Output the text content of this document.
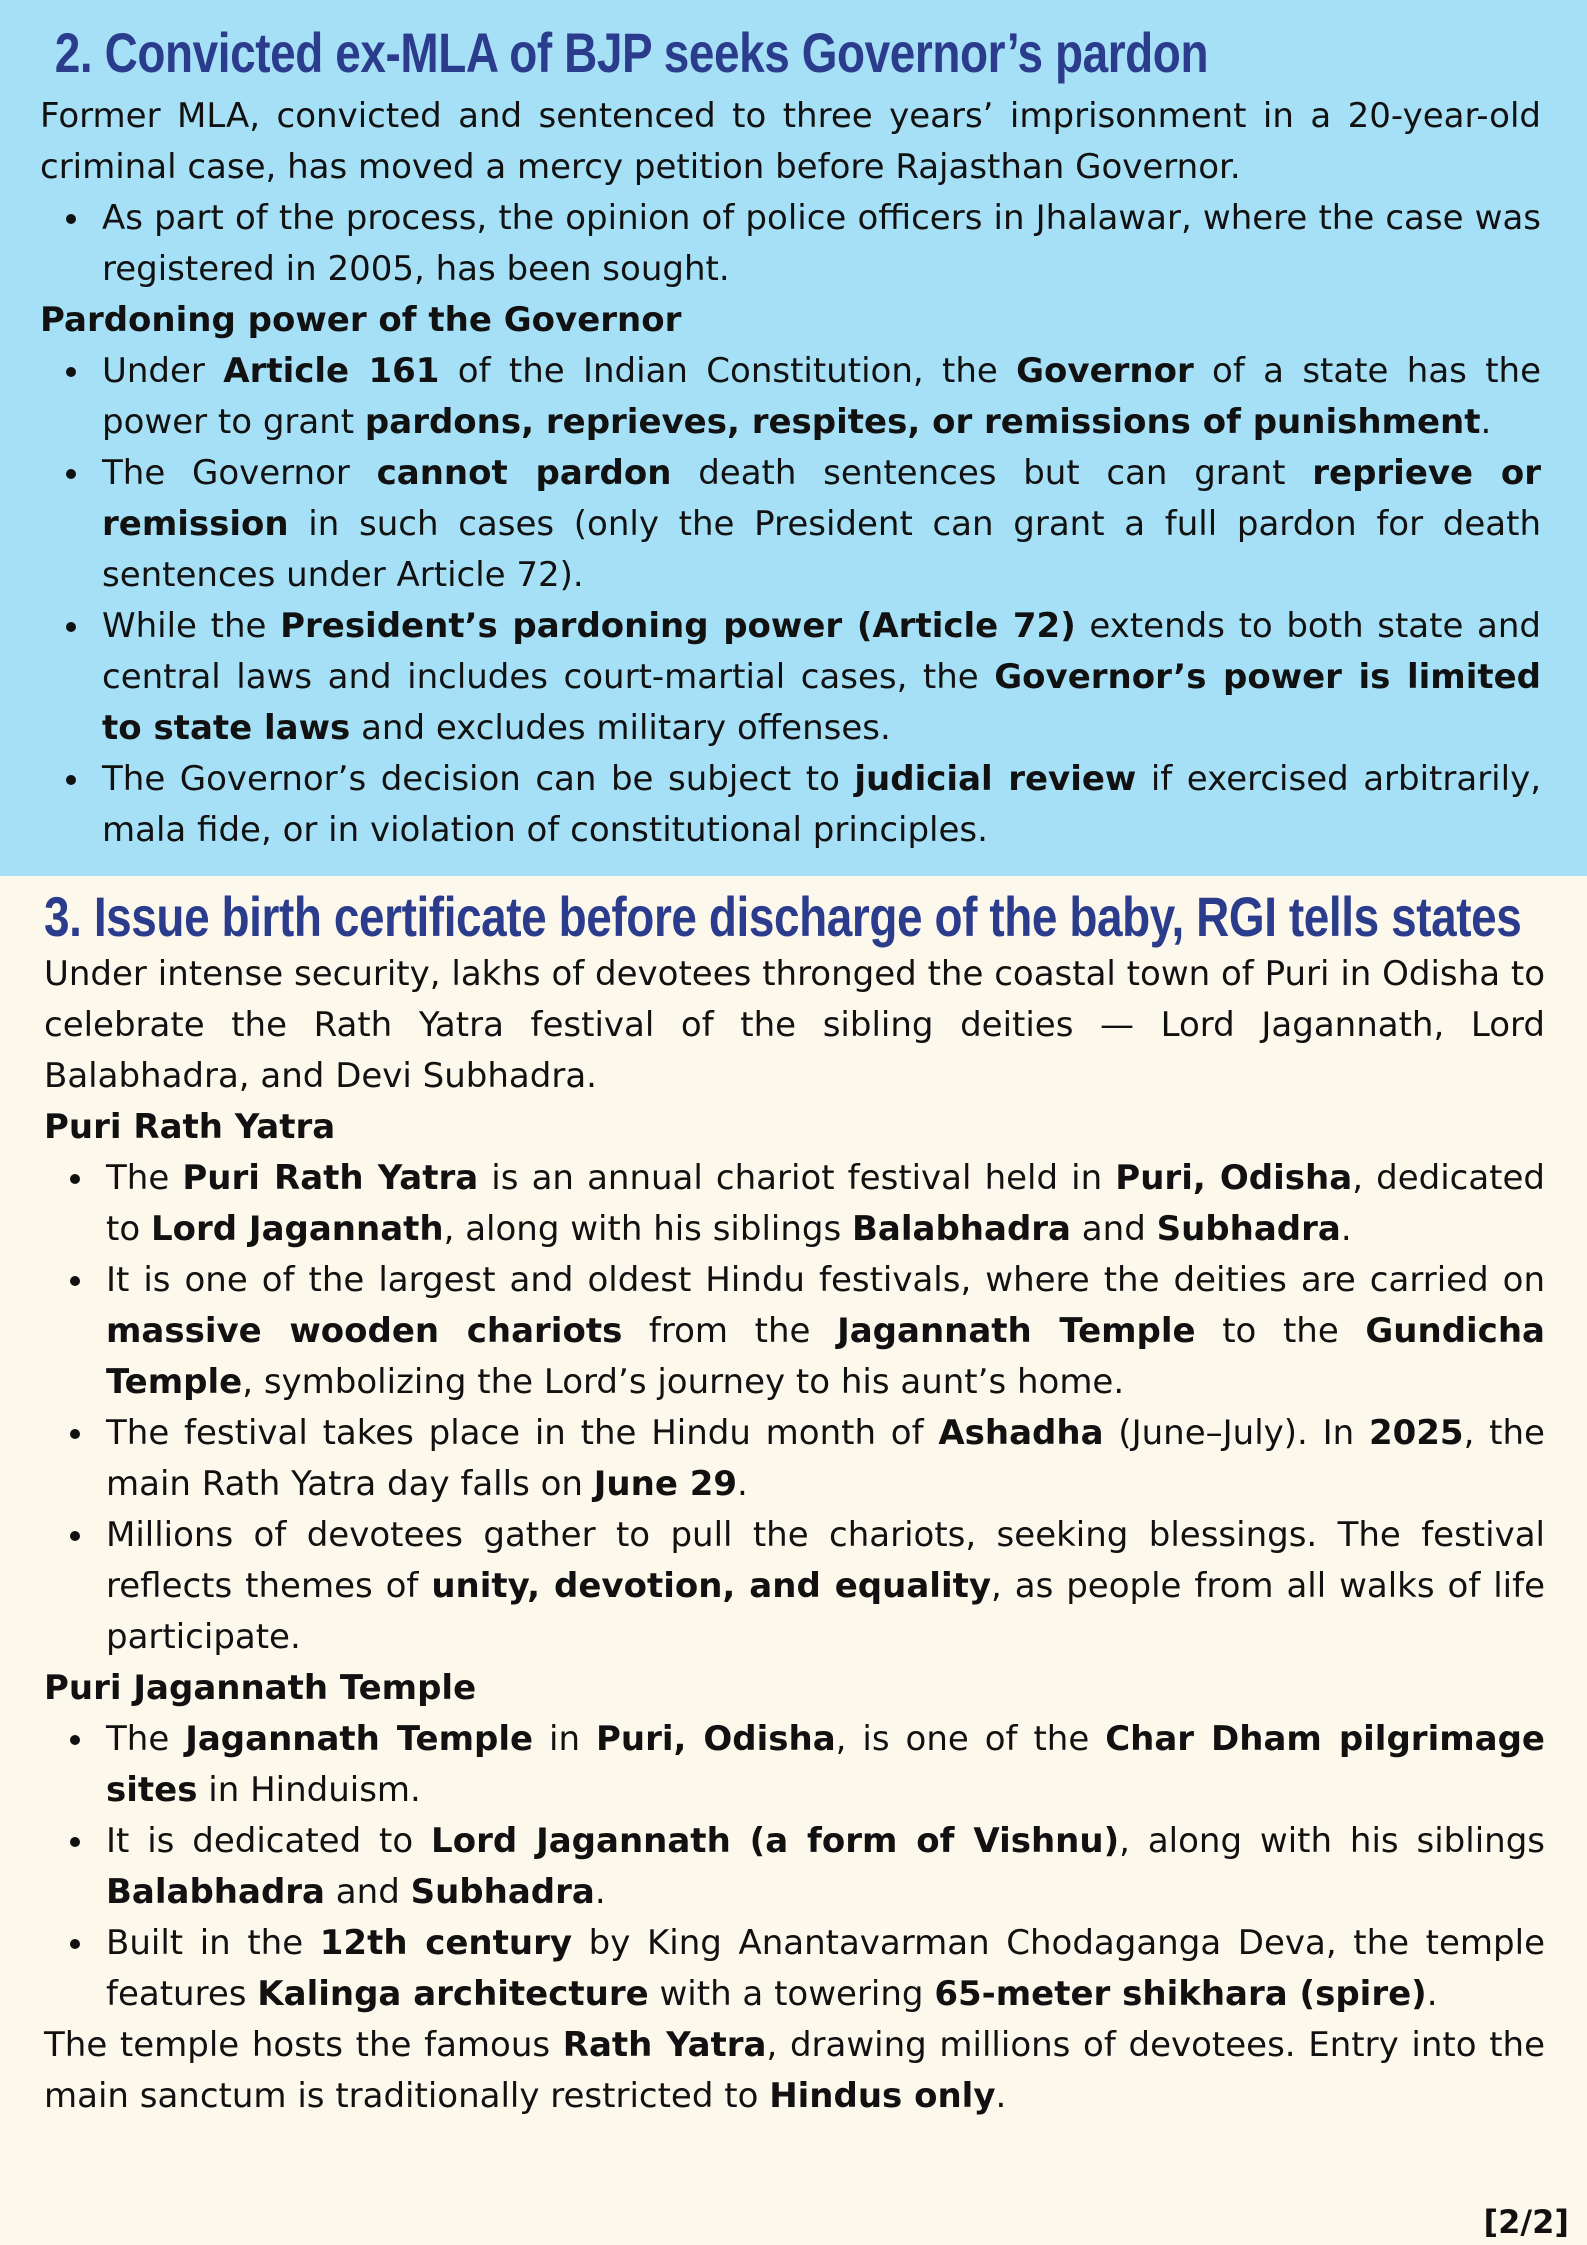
2. Convicted ex-MLA of BJP seeks Governor’s pardon

Former MLA, convicted and sentenced to three years’ imprisonment in a 20-year-old criminal case, has moved a mercy petition before Rajasthan Governor.

As part of the process, the opinion of police officers in Jhalawar, where the case was registered in 2005, has been sought.
Pardoning power of the Governor
Under Article 161 of the Indian Constitution, the Governor of a state has the power to grant pardons, reprieves, respites, or remissions of punishment.
The Governor cannot pardon death sentences but can grant reprieve or remission in such cases (only the President can grant a full pardon for death sentences under Article 72).
While the President’s pardoning power (Article 72) extends to both state and central laws and includes court-martial cases, the Governor’s power is limited to state laws and excludes military offenses.
The Governor’s decision can be subject to judicial review if exercised arbitrarily, mala fide, or in violation of constitutional principles.
3. Issue birth certificate before discharge of the baby, RGI tells states

Under intense security, lakhs of devotees thronged the coastal town of Puri in Odisha to celebrate the Rath Yatra festival of the sibling deities — Lord Jagannath, Lord Balabhadra, and Devi Subhadra.

Puri Rath Yatra
The Puri Rath Yatra is an annual chariot festival held in Puri, Odisha, dedicated to Lord Jagannath, along with his siblings Balabhadra and Subhadra.
It is one of the largest and oldest Hindu festivals, where the deities are carried on massive wooden chariots from the Jagannath Temple to the Gundicha Temple, symbolizing the Lord’s journey to his aunt’s home.
The festival takes place in the Hindu month of Ashadha (June–July). In 2025, the main Rath Yatra day falls on June 29.
Millions of devotees gather to pull the chariots, seeking blessings. The festival reflects themes of unity, devotion, and equality, as people from all walks of life participate.
Puri Jagannath Temple
The Jagannath Temple in Puri, Odisha, is one of the Char Dham pilgrimage sites in Hinduism.
It is dedicated to Lord Jagannath (a form of Vishnu), along with his siblings Balabhadra and Subhadra.
Built in the 12th century by King Anantavarman Chodaganga Deva, the temple features Kalinga architecture with a towering 65-meter shikhara (spire).

The temple hosts the famous Rath Yatra, drawing millions of devotees. Entry into the main sanctum is traditionally restricted to Hindus only.

[2/2]
